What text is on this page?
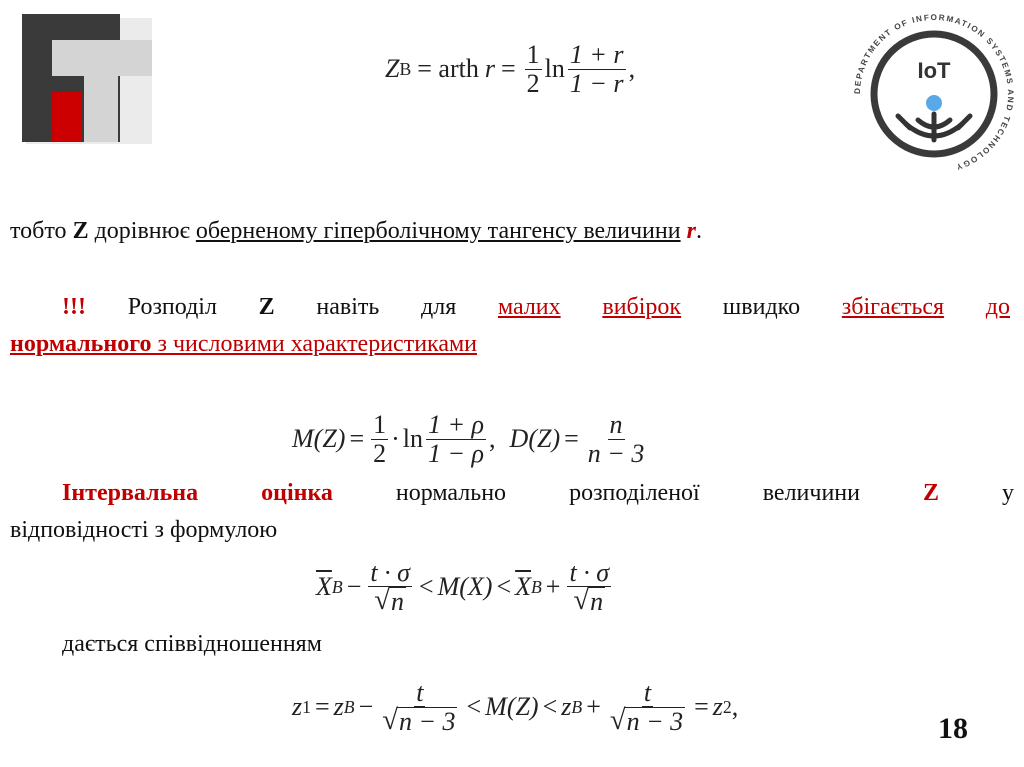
DEPARTMENT OF INFORMATION SYSTEMS AND TECHNOLOGY
IoT
Z B = arth $r = \frac{1}{2}$ $\ln \frac{1 + r}{1 - r}$ ,
тобто Z дорівнює оберненому гіперболічному тангенсу величини r.
!!! Розподіл Z навіть для малих вибірок швидко збігається до
нормального з числовими характеристиками
$M(Z) = \frac{1}{2} \cdot \ln \frac{1 + \rho}{1 - \rho}$ , $D(Z) = \frac{n}{n - 3}$
Інтервальна	оцінка	нормально	розподіленої	величини	Z	у
відповідності з формулою
$\overline{X}$ $B - \frac{t \cdot \sigma}{√ n} < M(X) < \overline{X}$ $B + \frac{t \cdot \sigma}{√ n}$
дається співвідношенням
z 1 = z $B - \frac{t}{√ n - 3} < M(Z) < z$ $B + \frac{t}{√ n - 3} = z$ 2 ,
18
